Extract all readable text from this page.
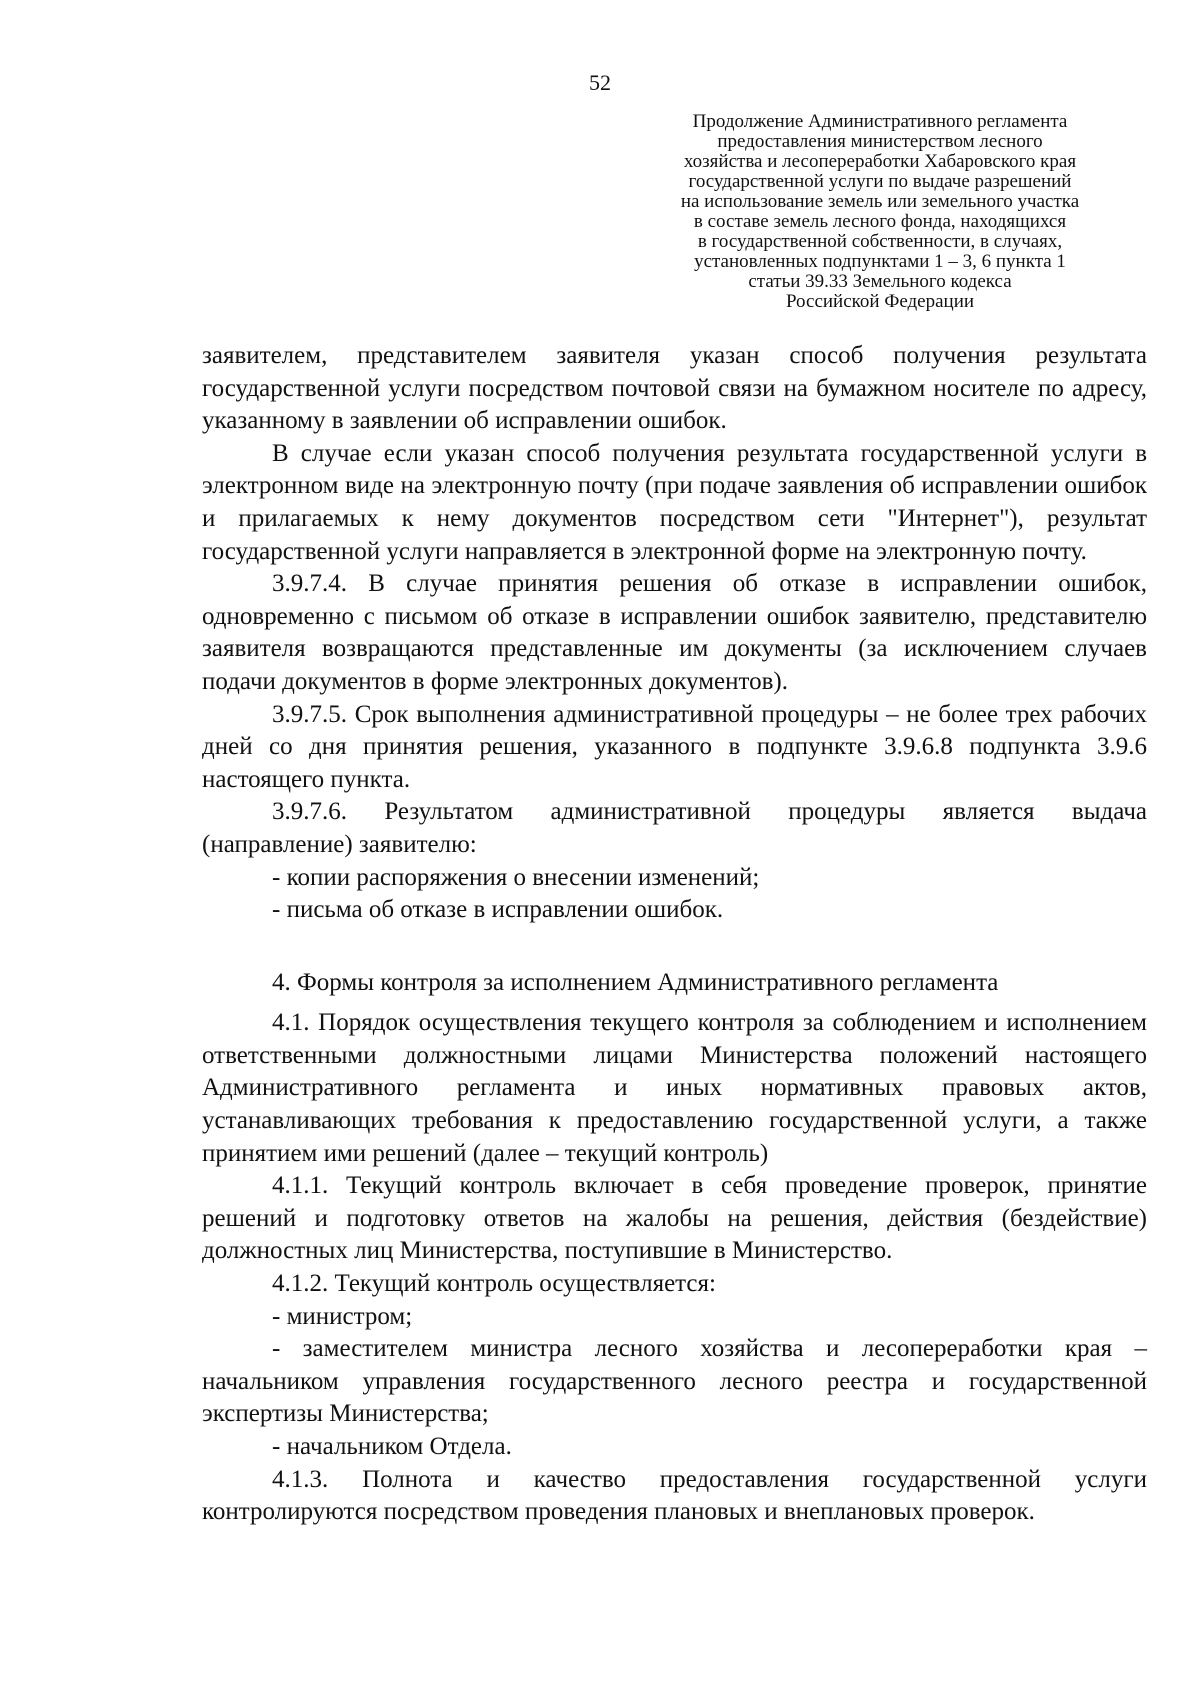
52
Продолжение Административного регламента
предоставления министерством лесного
хозяйства и лесопереработки Хабаровского края
государственной услуги по выдаче разрешений
на использование земель или земельного участка
в составе земель лесного фонда, находящихся
в государственной собственности, в случаях,
установленных подпунктами 1 – 3, 6 пункта 1
статьи 39.33 Земельного кодекса
Российской Федерации

заявителем, представителем заявителя указан способ получения результата государственной услуги посредством почтовой связи на бумажном носителе по адресу, указанному в заявлении об исправлении ошибок.

В случае если указан способ получения результата государственной услуги в электронном виде на электронную почту (при подаче заявления об исправлении ошибок и прилагаемых к нему документов посредством сети "Интернет"), результат государственной услуги направляется в электронной форме на электронную почту.

3.9.7.4. В случае принятия решения об отказе в исправлении ошибок, одновременно с письмом об отказе в исправлении ошибок заявителю, представителю заявителя возвращаются представленные им документы (за исключением случаев подачи документов в форме электронных документов).

3.9.7.5. Срок выполнения административной процедуры – не более трех рабочих дней со дня принятия решения, указанного в подпункте 3.9.6.8 подпункта 3.9.6 настоящего пункта.

3.9.7.6. Результатом административной процедуры является выдача (направление) заявителю:

- копии распоряжения о внесении изменений;

- письма об отказе в исправлении ошибок.

4. Формы контроля за исполнением Административного регламента

4.1. Порядок осуществления текущего контроля за соблюдением и исполнением ответственными должностными лицами Министерства положений настоящего Административного регламента и иных нормативных правовых актов, устанавливающих требования к предоставлению государственной услуги, а также принятием ими решений (далее – текущий контроль)

4.1.1. Текущий контроль включает в себя проведение проверок, принятие решений и подготовку ответов на жалобы на решения, действия (бездействие) должностных лиц Министерства, поступившие в Министерство.

4.1.2. Текущий контроль осуществляется:

- министром;

- заместителем министра лесного хозяйства и лесопереработки края – начальником управления государственного лесного реестра и государственной экспертизы Министерства;

- начальником Отдела.

4.1.3. Полнота и качество предоставления государственной услуги контролируются посредством проведения плановых и внеплановых проверок.
